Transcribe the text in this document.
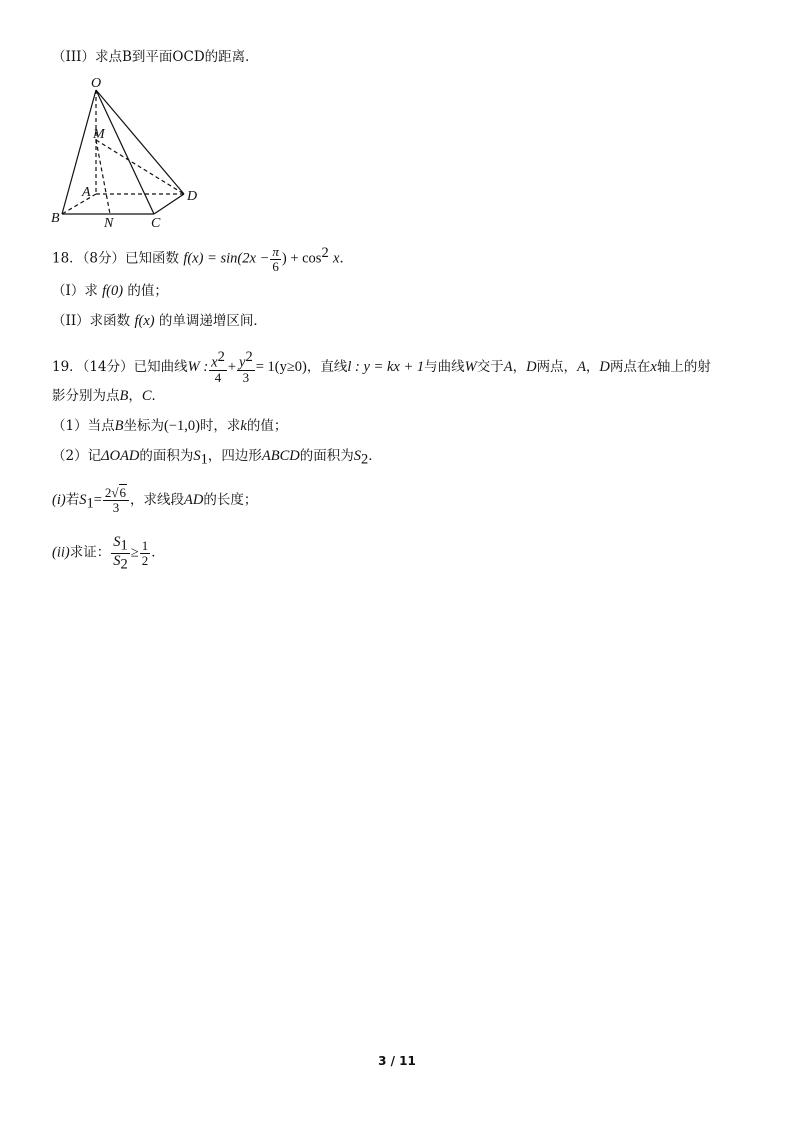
（III）求点B到平面OCD的距离．
O
M
A	D
B	N	C
18．（8分）已知函数 $f(x) = \sin(2x - \frac{\pi}{6}$ ) + $\cos^2 x$．
（I）求 f(0) 的值；
（II）求函数 f(x) 的单调递增区间．
19．（14分）已知曲线W : $\frac{x^2}{4} + \frac{y^2}{3} = 1(y\ge 0)$，直线l : y = kx + 1与曲线W交于A，D两点，A，D两点在x轴上的射
影分别为点B，C．
（1）当点B坐标为(−1,0)时，求k的值；
（2）记ΔOAD的面积为$S_1$，四边形ABCD的面积为$S_2$．
(i)若$S_1= \frac{2√6}{3}$ ，求线段AD的长度；
(ii)求证： $\frac{S_1}{S_2} \ge \frac{1}{2}$ ．
3 / 11
